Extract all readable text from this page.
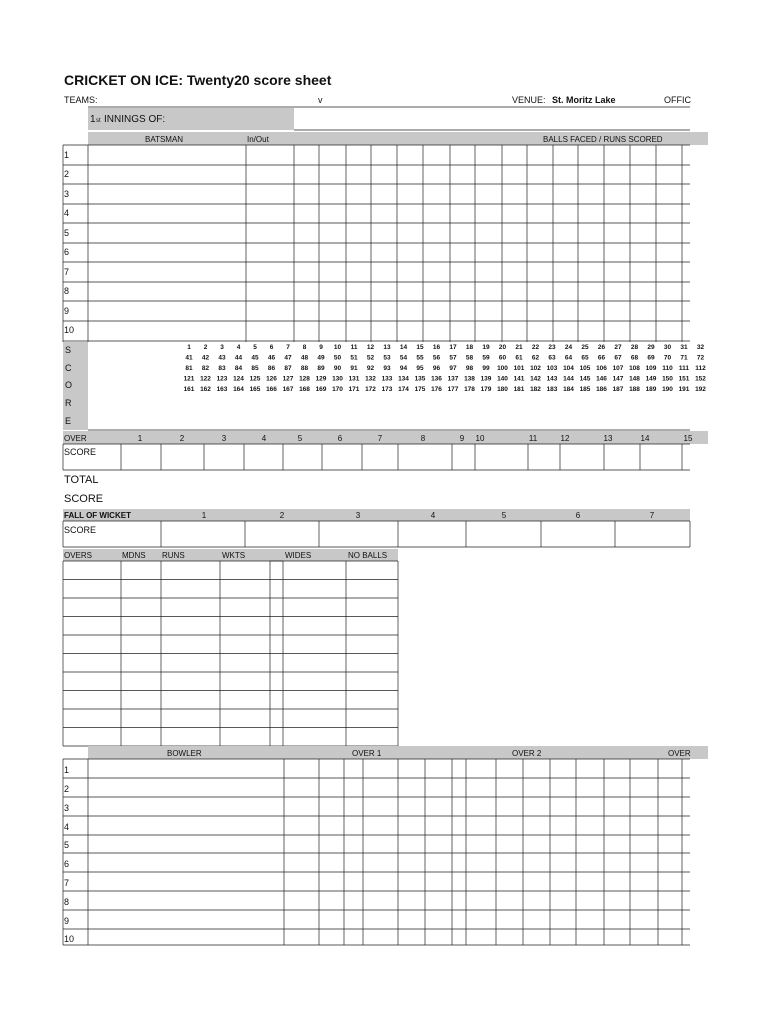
CRICKET ON ICE: Twenty20 score sheet
TEAMS:	v	VENUE: St. Moritz Lake	OFFIC
1 st INNINGS OF:
BATSMAN	In/Out	BALLS FACED / RUNS SCORED
1
2
3
4
5
6
7
8
9
10
S
C
O
R
E
1 2 3 4 5 6 7 8 9 10 11 12 13 14 15 16 17 18 19 20 21 22 23 24 25 26 27 28 29 30 31 32
41 42 43 44 45 46 47 48 49 50 51 52 53 54 55 56 57 58 59 60 61 62 63 64 65 66 67 68 69 70 71 72
81 82 83 84 85 86 87 88 89 90 91 92 93 94 95 96 97 98 99 100 101 102 103 104 105 106 107 108 109 110 111 112
121 122 123 124 125 126 127 128 129 130 131 132 133 134 135 136 137 138 139 140 141 142 143 144 145 146 147 148 149 150 151 152
161 162 163 164 165 166 167 168 169 170 171 172 173 174 175 176 177 178 179 180 181 182 183 184 185 186 187 188 189 190 191 192
OVER
SCORE
1	2	3	4	5	6	7	8	9 10	11	12	13	14	15
TOTAL
SCORE
FALL OF WICKET
SCORE
1	2	3	4	5	6	7
OVERS	MDNS RUNS	WKTS	WIDES	NO BALLS
BOWLER	OVER 1	OVER 2	OVER
1
2
3
4
5
6
7
8
9
10
